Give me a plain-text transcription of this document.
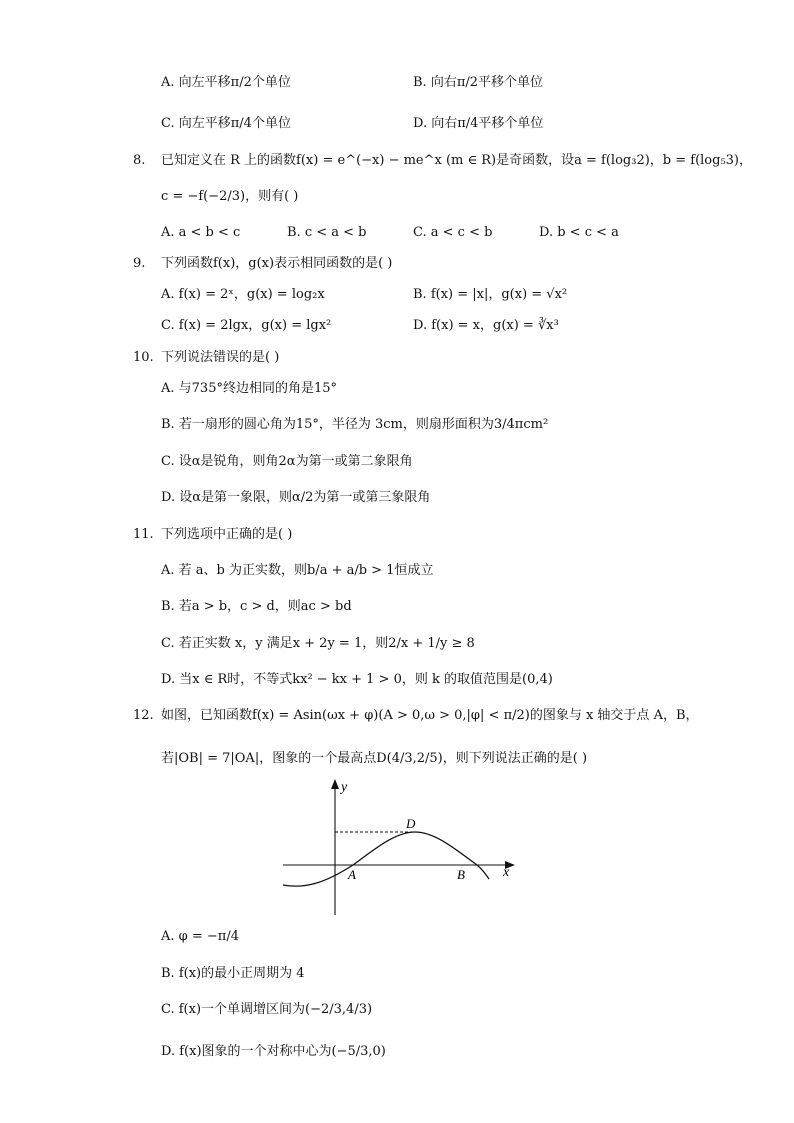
A. 向左平移π/2个单位	B. 向右π/2平移个单位
C. 向左平移π/4个单位	D. 向右π/4平移个单位
8. 已知定义在 R 上的函数f(x) = e^(−x) − me^x (m ∈ R)是奇函数，设a = f(log₃2)，b = f(log₅3)，
c = −f(−2/3)，则有( )
A. a < b < c	B. c < a < b	C. a < c < b	D. b < c < a
9. 下列函数f(x)，g(x)表示相同函数的是( )
A. f(x) = 2ˣ，g(x) = log₂x	B. f(x) = |x|，g(x) = √x²
C. f(x) = 2lgx，g(x) = lgx²	D. f(x) = x，g(x) = ∛x³
10. 下列说法错误的是( )
A. 与735°终边相同的角是15°
B. 若一扇形的圆心角为15°，半径为 3cm，则扇形面积为3/4πcm²
C. 设α是锐角，则角2α为第一或第二象限角
D. 设α是第一象限，则α/2为第一或第三象限角
11. 下列选项中正确的是( )
A. 若 a、b 为正实数，则b/a + a/b > 1恒成立
B. 若a > b，c > d，则ac > bd
C. 若正实数 x，y 满足x + 2y = 1，则2/x + 1/y ≥ 8
D. 当x ∈ R时，不等式kx² − kx + 1 > 0，则 k 的取值范围是(0,4)
12. 如图，已知函数f(x) = Asin(ωx + φ)(A > 0,ω > 0,|φ| < π/2)的图象与 x 轴交于点 A，B，
若|OB| = 7|OA|，图象的一个最高点D(4/3,2/5)，则下列说法正确的是( )
y
x
A	B
D
A. φ = −π/4
B. f(x)的最小正周期为 4
C. f(x)一个单调增区间为(−2/3,4/3)
D. f(x)图象的一个对称中心为(−5/3,0)
